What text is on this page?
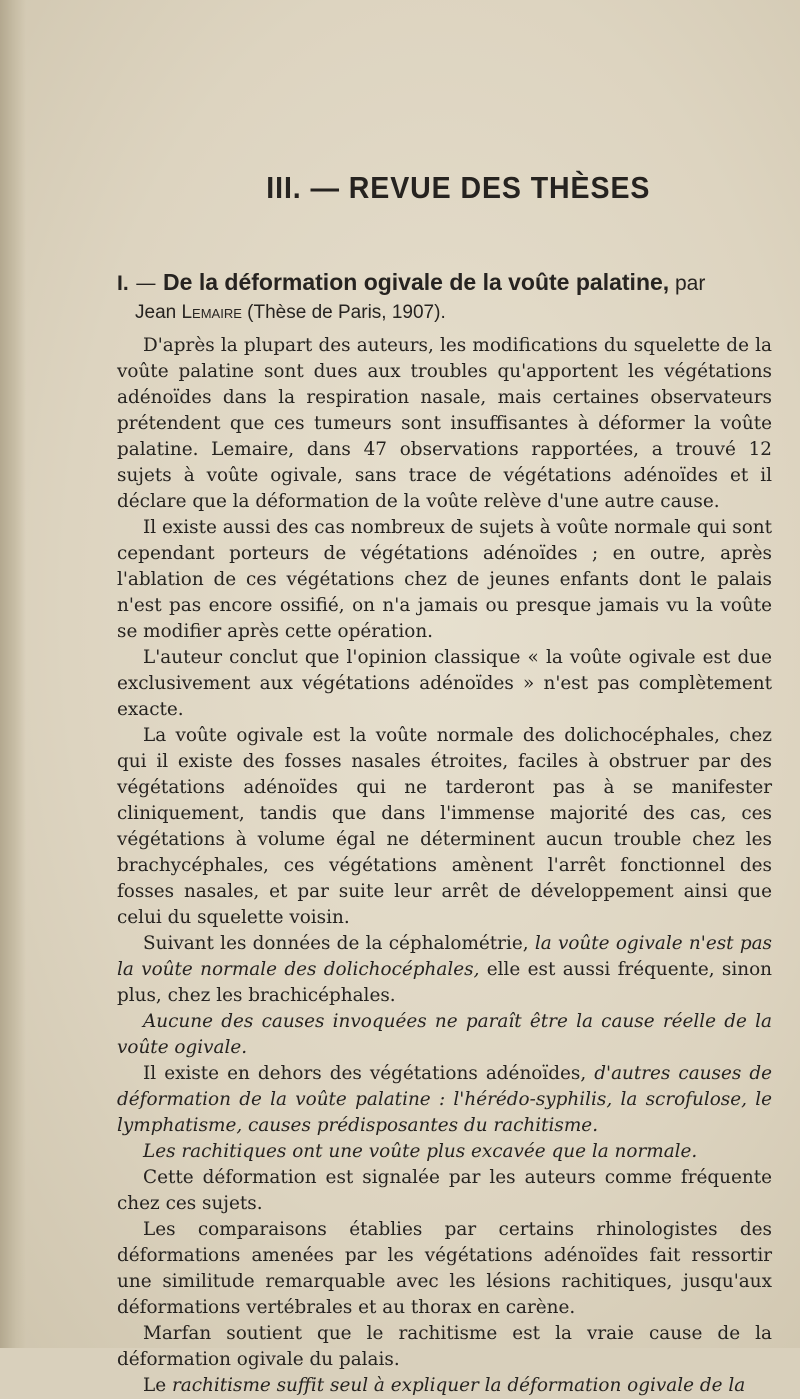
III. — REVUE DES THÈSES

I. — De la déformation ogivale de la voûte palatine, par

Jean Lemaire (Thèse de Paris, 1907).

D'après la plupart des auteurs, les modifications du squelette de la voûte palatine sont dues aux troubles qu'apportent les végétations adénoïdes dans la respiration nasale, mais certaines observateurs prétendent que ces tumeurs sont insuffisantes à déformer la voûte palatine. Lemaire, dans 47 observations rapportées, a trouvé 12 sujets à voûte ogivale, sans trace de végétations adénoïdes et il déclare que la déformation de la voûte relève d'une autre cause.

Il existe aussi des cas nombreux de sujets à voûte normale qui sont cependant porteurs de végétations adénoïdes ; en outre, après l'ablation de ces végétations chez de jeunes enfants dont le palais n'est pas encore ossifié, on n'a jamais ou presque jamais vu la voûte se modifier après cette opération.

L'auteur conclut que l'opinion classique « la voûte ogivale est due exclusivement aux végétations adénoïdes » n'est pas complètement exacte.

La voûte ogivale est la voûte normale des dolichocéphales, chez qui il existe des fosses nasales étroites, faciles à obstruer par des végétations adénoïdes qui ne tarderont pas à se manifester cliniquement, tandis que dans l'immense majorité des cas, ces végétations à volume égal ne déterminent aucun trouble chez les brachycéphales, ces végétations amènent l'arrêt fonctionnel des fosses nasales, et par suite leur arrêt de développement ainsi que celui du squelette voisin.

Suivant les données de la céphalométrie, la voûte ogivale n'est pas la voûte normale des dolichocéphales, elle est aussi fréquente, sinon plus, chez les brachicéphales.

Aucune des causes invoquées ne paraît être la cause réelle de la voûte ogivale.

Il existe en dehors des végétations adénoïdes, d'autres causes de déformation de la voûte palatine : l'hérédo-syphilis, la scrofulose, le lymphatisme, causes prédisposantes du rachitisme.

Les rachitiques ont une voûte plus excavée que la normale.

Cette déformation est signalée par les auteurs comme fréquente chez ces sujets.

Les comparaisons établies par certains rhinologistes des déformations amenées par les végétations adénoïdes fait ressortir une similitude remarquable avec les lésions rachitiques, jusqu'aux déformations vertébrales et au thorax en carène.

Marfan soutient que le rachitisme est la vraie cause de la déformation ogivale du palais.

Le rachitisme suffit seul à expliquer la déformation ogivale de la
